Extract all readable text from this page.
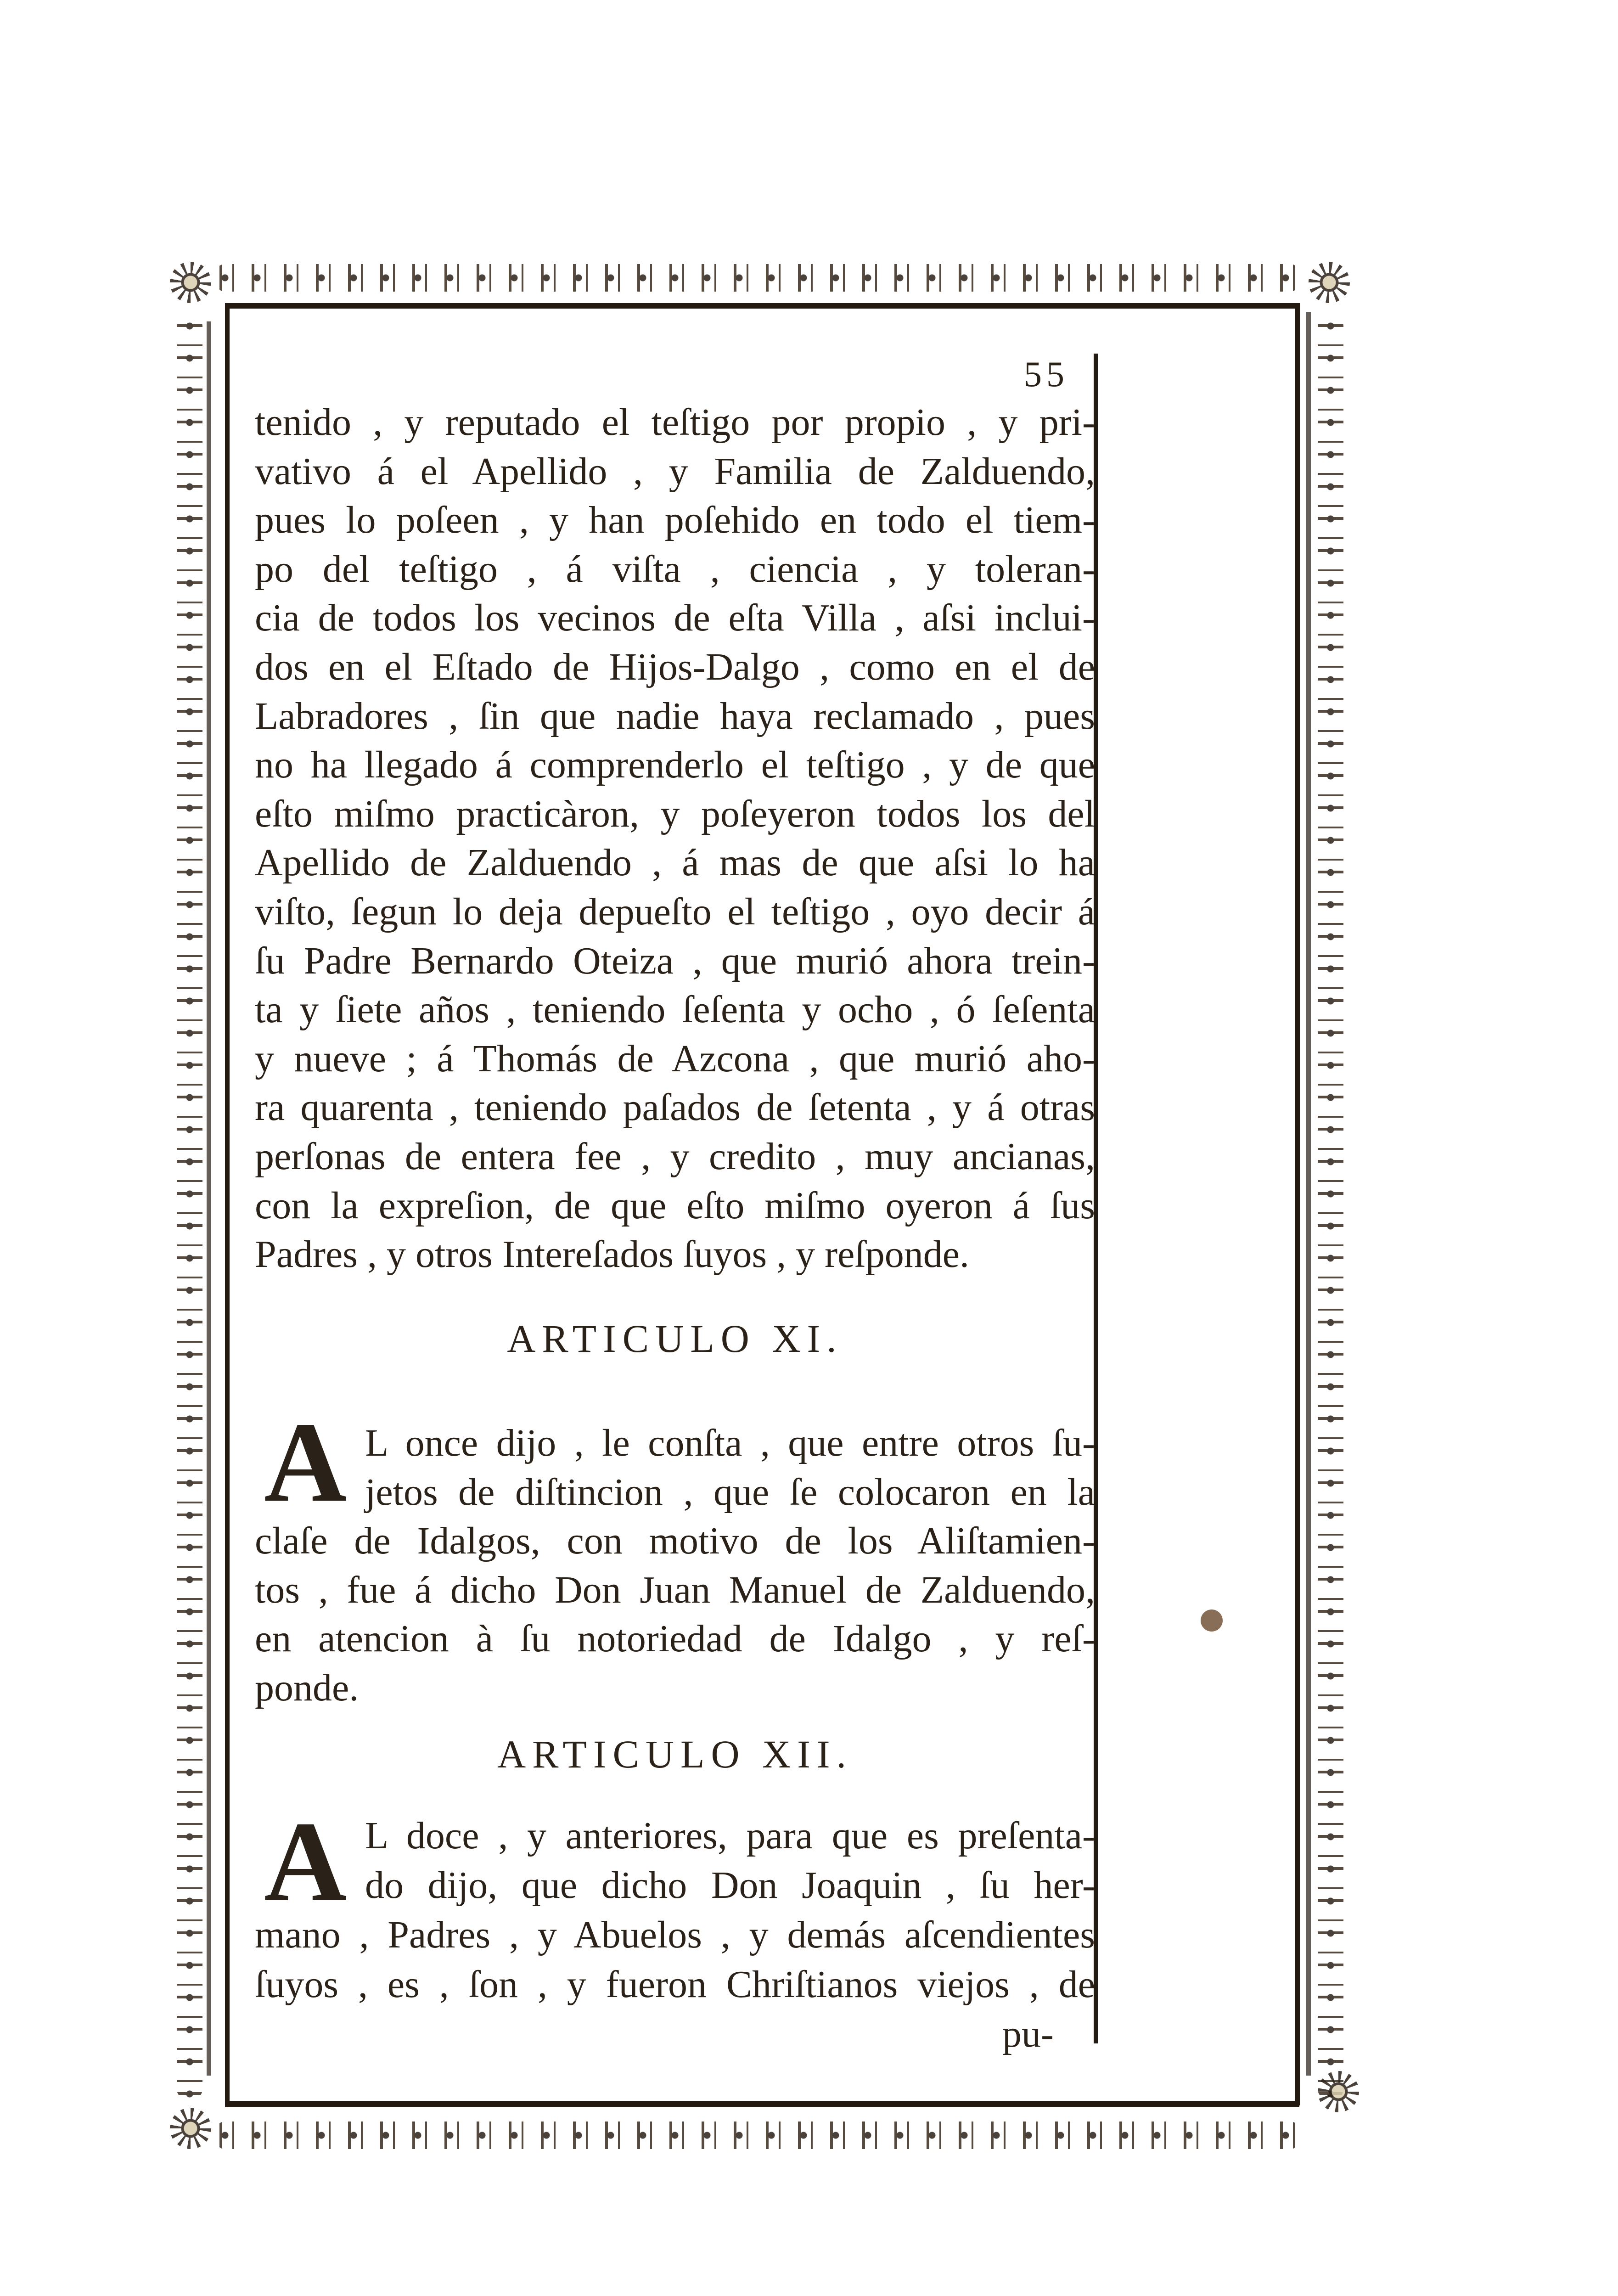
55
tenido , y reputado el teſtigo por propio , y pri-
vativo á el Apellido , y Familia de Zalduendo,
pues lo poſeen , y han poſehido en todo el tiem-
po del teſtigo , á viſta , ciencia , y toleran-
cia de todos los vecinos de eſta Villa , aſsi inclui-
dos en el Eſtado de Hijos-Dalgo , como en el de
Labradores , ſin que nadie haya reclamado , pues
no ha llegado á comprenderlo el teſtigo , y de que
eſto miſmo practicàron, y poſeyeron todos los del
Apellido de Zalduendo , á mas de que aſsi lo ha
viſto, ſegun lo deja depueſto el teſtigo , oyo decir á
ſu Padre Bernardo Oteiza , que murió ahora trein-
ta y ſiete años , teniendo ſeſenta y ocho , ó ſeſenta
y nueve ; á Thomás de Azcona , que murió aho-
ra quarenta , teniendo paſados de ſetenta , y á otras
perſonas de entera fee , y credito , muy ancianas,
con la expreſion, de que eſto miſmo oyeron á ſus
Padres , y otros Intereſados ſuyos , y reſponde.
ARTICULO XI.
A L once dijo , le conſta , que entre otros ſu-
jetos de diſtincion , que ſe colocaron en la
claſe de Idalgos, con motivo de los Aliſtamien-
tos , fue á dicho Don Juan Manuel de Zalduendo,
en atencion à ſu notoriedad de Idalgo , y reſ-
ponde.
ARTICULO XII.
A L doce , y anteriores, para que es preſenta-
do dijo, que dicho Don Joaquin , ſu her-
mano , Padres , y Abuelos , y demás aſcendientes
ſuyos , es , ſon , y fueron Chriſtianos viejos , de
pu-
